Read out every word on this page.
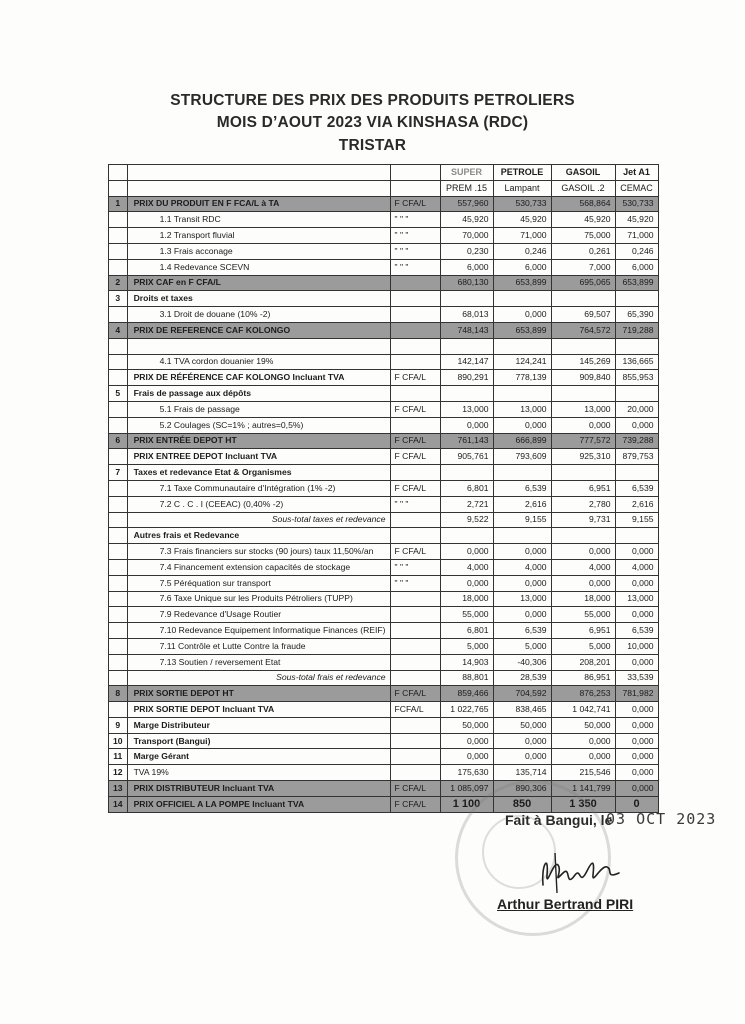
STRUCTURE DES PRIX DES PRODUITS PETROLIERS
MOIS D’AOUT 2023 VIA KINSHASA (RDC)
TRISTAR
			SUPER	PETROLE	GASOIL	Jet A1
			PREM .15	Lampant	GASOIL .2	CEMAC
1	PRIX DU PRODUIT EN F FCA/L à TA	F CFA/L	557,960	530,733	568,864	530,733
	1.1 Transit RDC	" " "	45,920	45,920	45,920	45,920
	1.2 Transport fluvial	" " "	70,000	71,000	75,000	71,000
	1.3 Frais acconage	" " "	0,230	0,246	0,261	0,246
	1.4 Redevance SCEVN	" " "	6,000	6,000	7,000	6,000
2	PRIX CAF en F CFA/L		680,130	653,899	695,065	653,899
3	Droits et taxes					
	3.1 Droit de douane (10% -2)		68,013	0,000	69,507	65,390
4	PRIX DE REFERENCE CAF KOLONGO		748,143	653,899	764,572	719,288

	4.1 TVA cordon douanier 19%		142,147	124,241	145,269	136,665
	PRIX DE RÉFÉRENCE CAF KOLONGO Incluant TVA	F CFA/L	890,291	778,139	909,840	855,953
5	Frais de passage aux dépôts					
	5.1 Frais de passage	F CFA/L	13,000	13,000	13,000	20,000
	5.2 Coulages (SC=1% ; autres=0,5%)		0,000	0,000	0,000	0,000
6	PRIX ENTRÉE DEPOT HT	F CFA/L	761,143	666,899	777,572	739,288
	PRIX ENTREE DEPOT Incluant TVA	F CFA/L	905,761	793,609	925,310	879,753
7	Taxes et redevance Etat & Organismes					
	7.1 Taxe Communautaire d'Intégration (1% -2)	F CFA/L	6,801	6,539	6,951	6,539
	7.2 C . C . I (CEEAC) (0,40% -2)	" " "	2,721	2,616	2,780	2,616
	Sous-total taxes et redevance		9,522	9,155	9,731	9,155
	Autres frais et Redevance					
	7.3 Frais financiers sur stocks (90 jours) taux 11,50%/an	F CFA/L	0,000	0,000	0,000	0,000
	7.4 Financement extension capacités de stockage	" " "	4,000	4,000	4,000	4,000
	7.5 Péréquation sur transport	" " "	0,000	0,000	0,000	0,000
	7.6 Taxe Unique sur les Produits Pétroliers (TUPP)		18,000	13,000	18,000	13,000
	7.9 Redevance d'Usage Routier		55,000	0,000	55,000	0,000
	7.10 Redevance Equipement Informatique Finances (REIF)		6,801	6,539	6,951	6,539
	7.11 Contrôle et Lutte Contre la fraude		5,000	5,000	5,000	10,000
	7.13 Soutien / reversement Etat		14,903	-40,306	208,201	0,000
	Sous-total frais et redevance		88,801	28,539	86,951	33,539
8	PRIX SORTIE DEPOT HT	F CFA/L	859,466	704,592	876,253	781,982
	PRIX SORTIE DEPOT Incluant TVA	FCFA/L	1 022,765	838,465	1 042,741	0,000
9	Marge Distributeur		50,000	50,000	50,000	0,000
10	Transport (Bangui)		0,000	0,000	0,000	0,000
11	Marge Gérant		0,000	0,000	0,000	0,000
12	TVA 19%		175,630	135,714	215,546	0,000
13	PRIX DISTRIBUTEUR Incluant TVA	F CFA/L	1 085,097	890,306	1 141,799	0,000
14	PRIX OFFICIEL A LA POMPE Incluant TVA	F CFA/L	1 100	850	1 350	0
Fait à Bangui, le
03 OCT 2023
Arthur Bertrand PIRI
